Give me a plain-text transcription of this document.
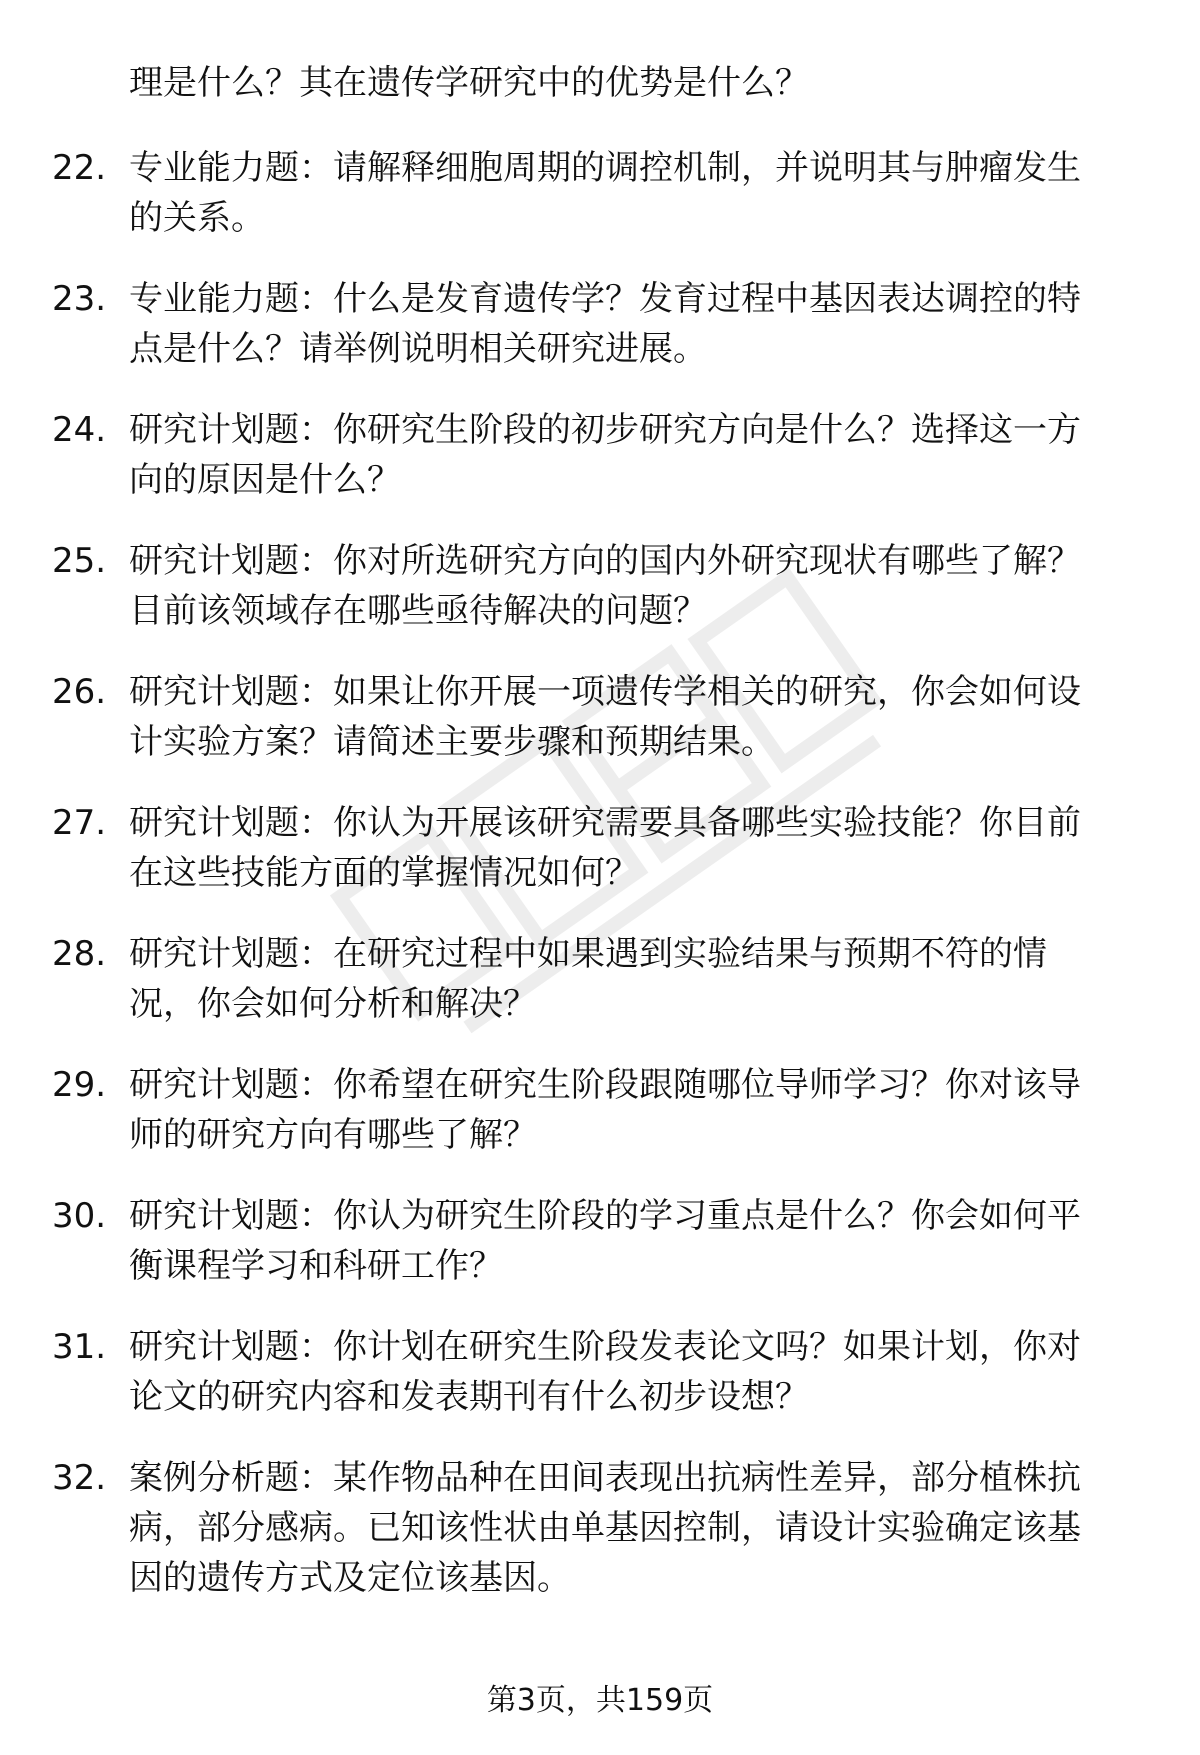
理是什么？其在遗传学研究中的优势是什么？
22. 专业能力题：请解释细胞周期的调控机制，并说明其与肿瘤发生
的关系。
23. 专业能力题：什么是发育遗传学？发育过程中基因表达调控的特
点是什么？请举例说明相关研究进展。
24. 研究计划题：你研究生阶段的初步研究方向是什么？选择这一方
向的原因是什么？
25. 研究计划题：你对所选研究方向的国内外研究现状有哪些了解？
目前该领域存在哪些亟待解决的问题？
26. 研究计划题：如果让你开展一项遗传学相关的研究，你会如何设
计实验方案？请简述主要步骤和预期结果。
27. 研究计划题：你认为开展该研究需要具备哪些实验技能？你目前
在这些技能方面的掌握情况如何？
28. 研究计划题：在研究过程中如果遇到实验结果与预期不符的情
况，你会如何分析和解决？
29. 研究计划题：你希望在研究生阶段跟随哪位导师学习？你对该导
师的研究方向有哪些了解？
30. 研究计划题：你认为研究生阶段的学习重点是什么？你会如何平
衡课程学习和科研工作？
31. 研究计划题：你计划在研究生阶段发表论文吗？如果计划，你对
论文的研究内容和发表期刊有什么初步设想？
32. 案例分析题：某作物品种在田间表现出抗病性差异，部分植株抗
病，部分感病。已知该性状由单基因控制，请设计实验确定该基
因的遗传方式及定位该基因。
第3页，共159页
